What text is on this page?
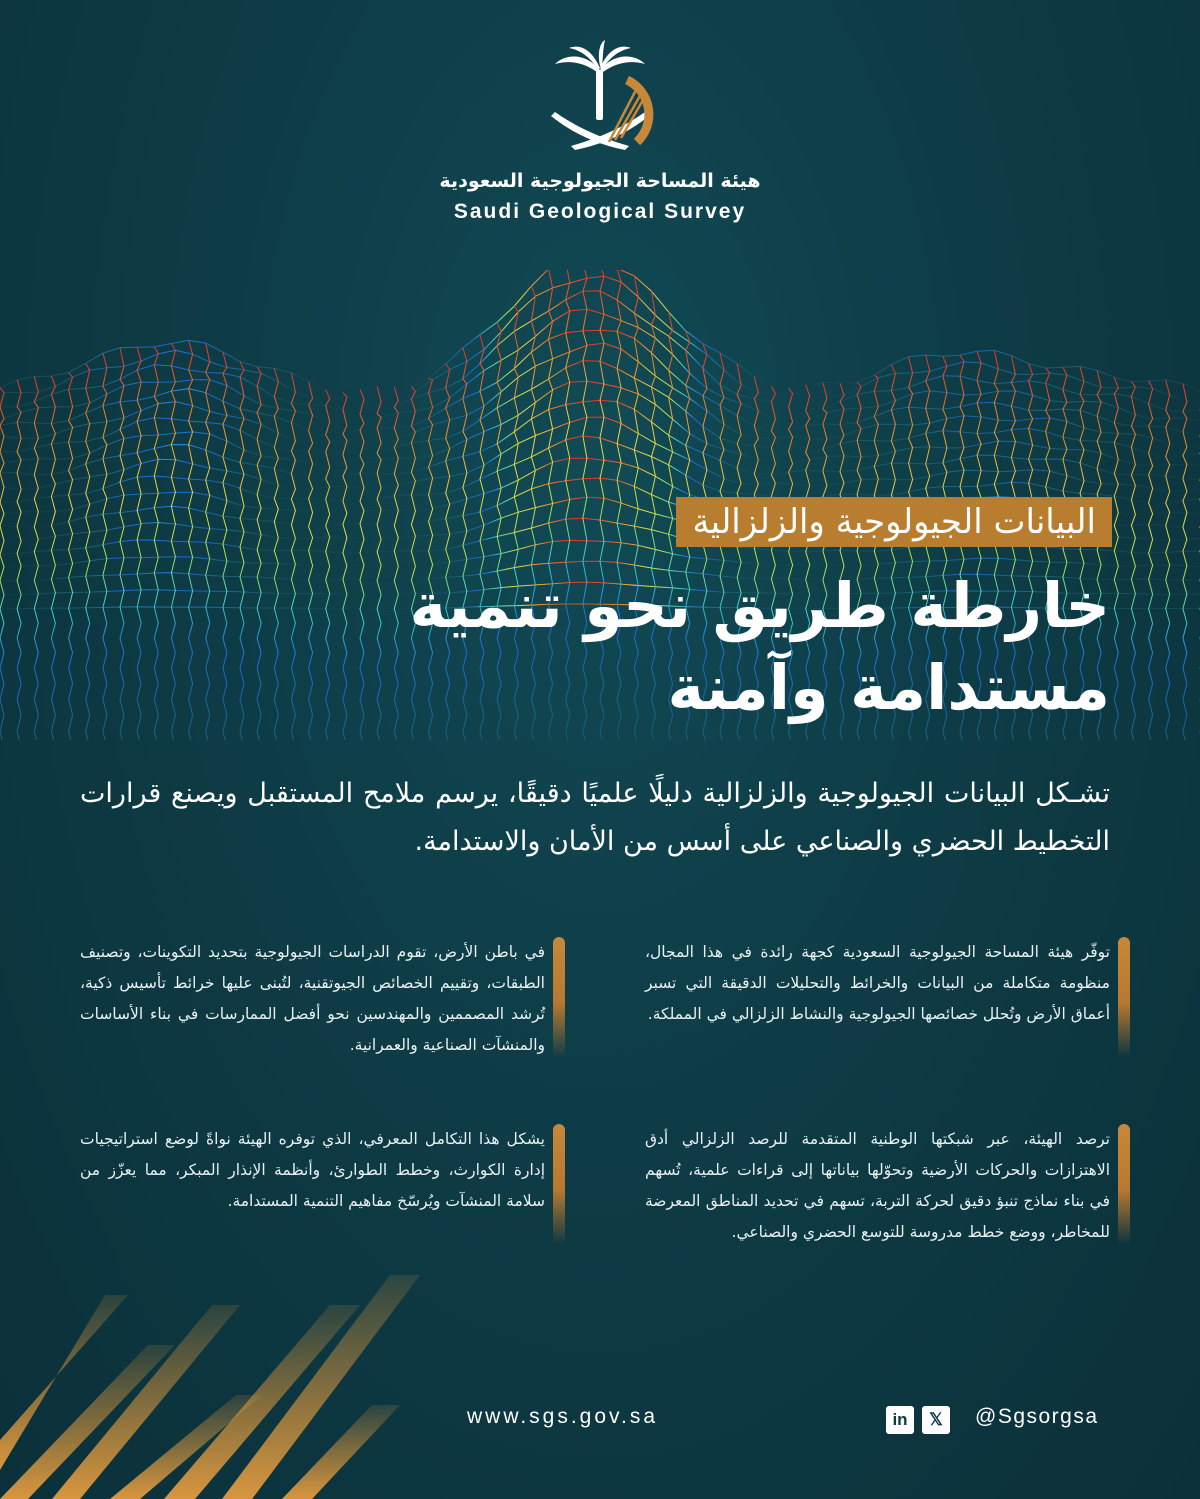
هيئة المساحة الجيولوجية السعودية
Saudi Geological Survey
البيانات الجيولوجية والزلزالية
خارطة طريق نحو تنمية
مستدامة وآمنة
تشـكل البيانات الجيولوجية والزلزالية دليلًا علميًا دقيقًا، يرسم ملامح المستقبل ويصنع قرارات التخطيط الحضري والصناعي على أسس من الأمان والاستدامة.

توفّر هيئة المساحة الجيولوجية السعودية كجهة رائدة في هذا المجال، منظومة متكاملة من البيانات والخرائط والتحليلات الدقيقة التي تسبر أعماق الأرض وتُحلل خصائصها الجيولوجية والنشاط الزلزالي في المملكة.

في باطن الأرض، تقوم الدراسات الجيولوجية بتحديد التكوينات، وتصنيف الطبقات، وتقييم الخصائص الجيوتقنية، لتُبنى عليها خرائط تأسيس ذكية، تُرشد المصممين والمهندسين نحو أفضل الممارسات في بناء الأساسات والمنشآت الصناعية والعمرانية.

ترصد الهيئة، عبر شبكتها الوطنية المتقدمة للرصد الزلزالي أدق الاهتزازات والحركات الأرضية وتحوّلها بياناتها إلى قراءات علمية، تُسهم في بناء نماذج تنبؤ دقيق لحركة التربة، تسهم في تحديد المناطق المعرضة للمخاطر، ووضع خطط مدروسة للتوسع الحضري والصناعي.

يشكل هذا التكامل المعرفي، الذي توفره الهيئة نواةً لوضع استراتيجيات إدارة الكوارث، وخطط الطوارئ، وأنظمة الإنذار المبكر، مما يعزّز من سلامة المنشآت ويُرسّخ مفاهيم التنمية المستدامة.

www.sgs.gov.sa	in	𝕏	@Sgsorgsa
